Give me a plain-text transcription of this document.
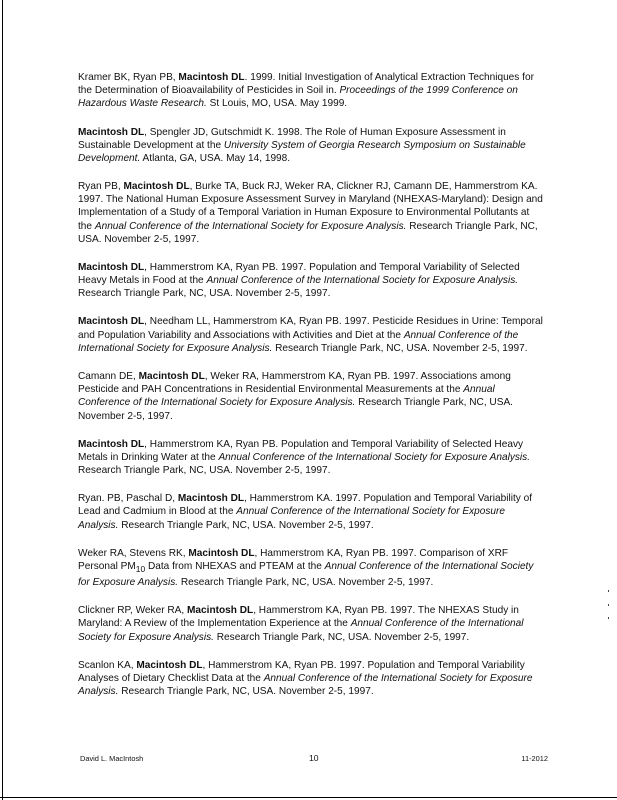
Kramer BK, Ryan PB, Macintosh DL. 1999. Initial Investigation of Analytical Extraction Techniques for the Determination of Bioavailability of Pesticides in Soil in. Proceedings of the 1999 Conference on Hazardous Waste Research. St Louis, MO, USA. May 1999.

Macintosh DL, Spengler JD, Gutschmidt K. 1998. The Role of Human Exposure Assessment in Sustainable Development at the University System of Georgia Research Symposium on Sustainable Development. Atlanta, GA, USA. May 14, 1998.

Ryan PB, Macintosh DL, Burke TA, Buck RJ, Weker RA, Clickner RJ, Camann DE, Hammerstrom KA. 1997. The National Human Exposure Assessment Survey in Maryland (NHEXAS-Maryland): Design and Implementation of a Study of a Temporal Variation in Human Exposure to Environmental Pollutants at the Annual Conference of the International Society for Exposure Analysis. Research Triangle Park, NC, USA. November 2-5, 1997.

Macintosh DL, Hammerstrom KA, Ryan PB. 1997. Population and Temporal Variability of Selected Heavy Metals in Food at the Annual Conference of the International Society for Exposure Analysis. Research Triangle Park, NC, USA. November 2-5, 1997.

Macintosh DL, Needham LL, Hammerstrom KA, Ryan PB. 1997. Pesticide Residues in Urine: Temporal and Population Variability and Associations with Activities and Diet at the Annual Conference of the International Society for Exposure Analysis. Research Triangle Park, NC, USA. November 2-5, 1997.

Camann DE, Macintosh DL, Weker RA, Hammerstrom KA, Ryan PB. 1997. Associations among Pesticide and PAH Concentrations in Residential Environmental Measurements at the Annual Conference of the International Society for Exposure Analysis. Research Triangle Park, NC, USA. November 2-5, 1997.

Macintosh DL, Hammerstrom KA, Ryan PB. Population and Temporal Variability of Selected Heavy Metals in Drinking Water at the Annual Conference of the International Society for Exposure Analysis. Research Triangle Park, NC, USA. November 2-5, 1997.

Ryan. PB, Paschal D, Macintosh DL, Hammerstrom KA. 1997. Population and Temporal Variability of Lead and Cadmium in Blood at the Annual Conference of the International Society for Exposure Analysis. Research Triangle Park, NC, USA. November 2-5, 1997.

Weker RA, Stevens RK, Macintosh DL, Hammerstrom KA, Ryan PB. 1997. Comparison of XRF Personal $PM_{10}$ Data from NHEXAS and PTEAM at the Annual Conference of the International Society for Exposure Analysis. Research Triangle Park, NC, USA. November 2-5, 1997.

Clickner RP, Weker RA, Macintosh DL, Hammerstrom KA, Ryan PB. 1997. The NHEXAS Study in Maryland: A Review of the Implementation Experience at the Annual Conference of the International Society for Exposure Analysis. Research Triangle Park, NC, USA. November 2-5, 1997.

Scanlon KA, Macintosh DL, Hammerstrom KA, Ryan PB. 1997. Population and Temporal Variability Analyses of Dietary Checklist Data at the Annual Conference of the International Society for Exposure Analysis. Research Triangle Park, NC, USA. November 2-5, 1997.

David L. MacIntosh	10	11-2012
